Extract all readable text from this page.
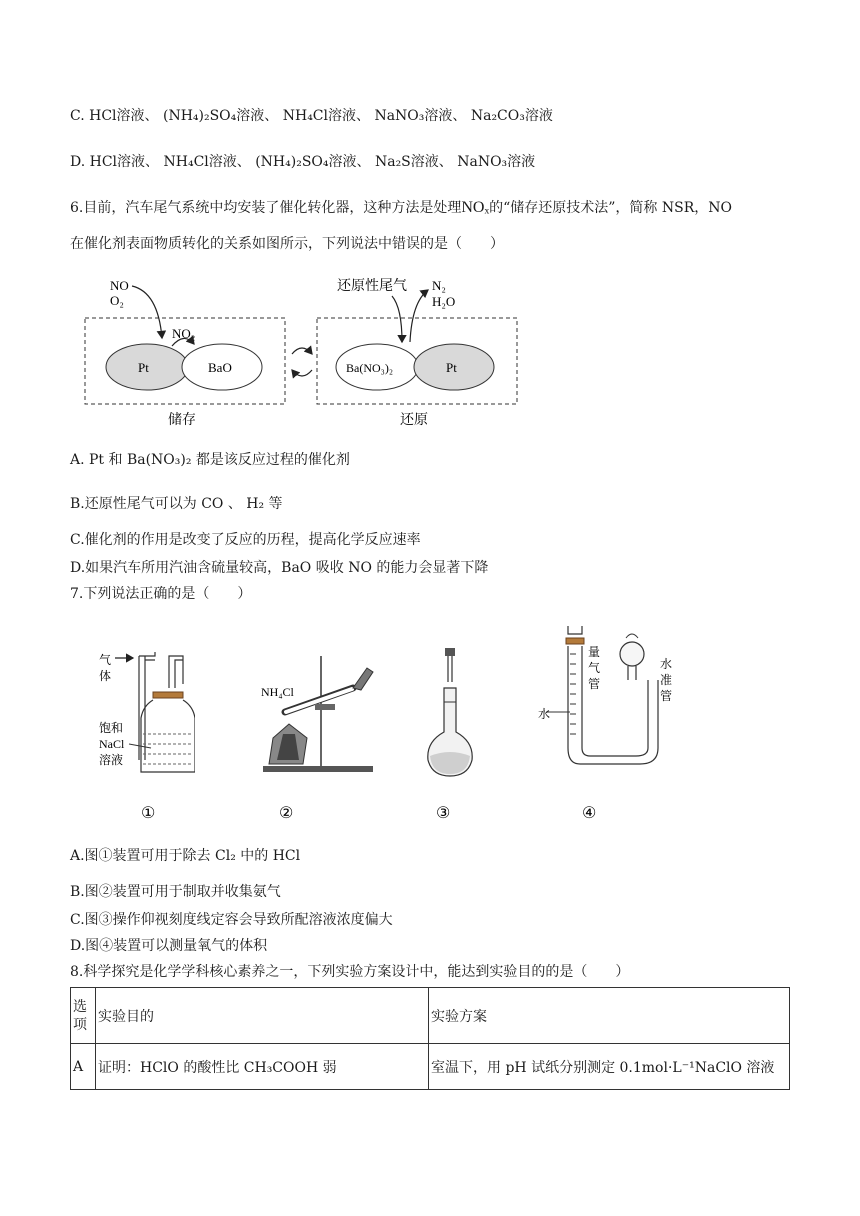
C. HCl溶液、 (NH₄)₂SO₄溶液、 NH₄Cl溶液、 NaNO₃溶液、 Na₂CO₃溶液
D. HCl溶液、 NH₄Cl溶液、 (NH₄)₂SO₄溶液、 Na₂S溶液、 NaNO₃溶液
6.目前，汽车尾气系统中均安装了催化转化器，这种方法是处理NOₓ的“储存还原技术法”，简称 NSR，NO
在催化剂表面物质转化的关系如图所示，下列说法中错误的是（　　）
Pt	BaO	Ba(NO₃)₂	Pt
NO
O₂
NO₂
还原性尾气 N₂
H₂O
储存	还原
A. Pt 和 Ba(NO₃)₂ 都是该反应过程的催化剂
B.还原性尾气可以为 CO 、 H₂ 等
C.催化剂的作用是改变了反应的历程，提高化学反应速率
D.如果汽车所用汽油含硫量较高，BaO 吸收 NO 的能力会显著下降
7.下列说法正确的是（　　）
气
体
饱和
NaCl
溶液
①
NH₄Cl
②	③
水
量
气
管
水
准
管
④
A.图①装置可用于除去 Cl₂ 中的 HCl
B.图②装置可用于制取并收集氨气
C.图③操作仰视刻度线定容会导致所配溶液浓度偏大
D.图④装置可以测量氧气的体积
8.科学探究是化学学科核心素养之一，下列实验方案设计中，能达到实验目的的是（　　）
选项	实验目的	实验方案
A	证明：HClO 的酸性比 CH₃COOH 弱	室温下，用 pH 试纸分别测定 0.1mol·L⁻¹NaClO 溶液
